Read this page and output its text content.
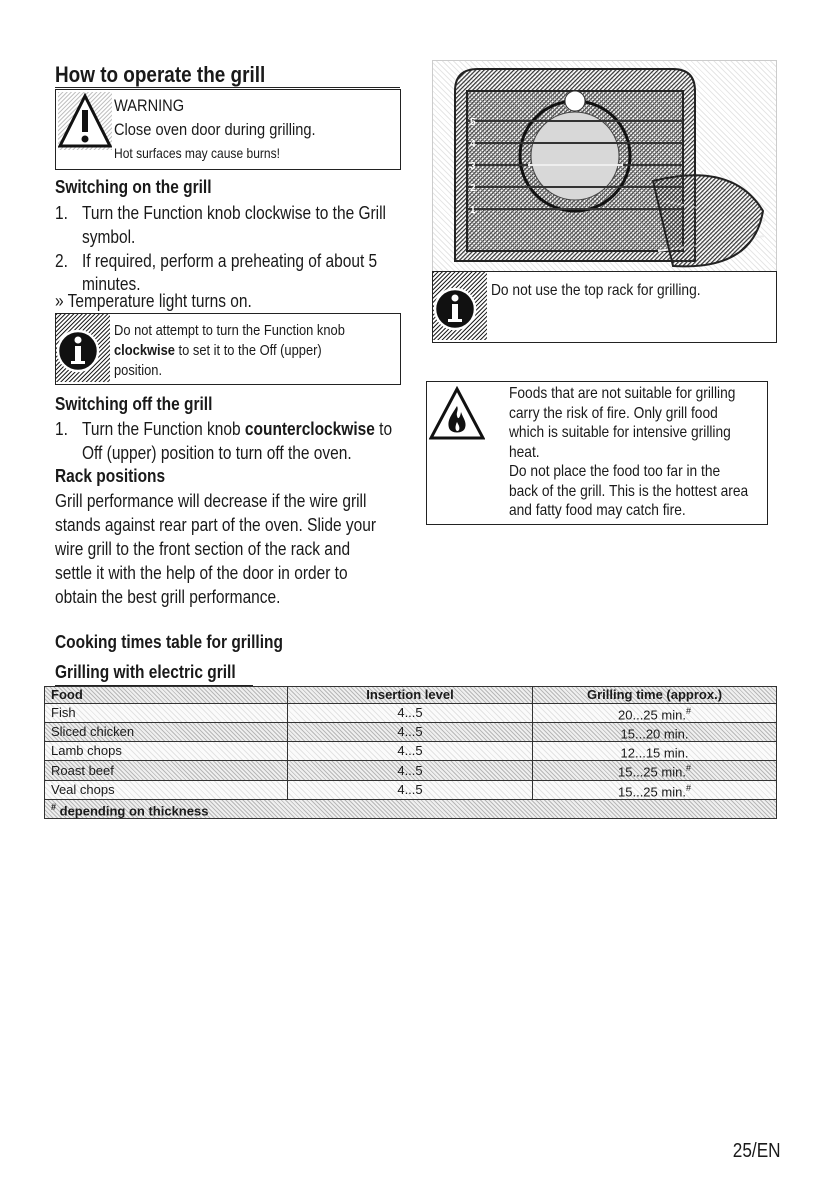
How to operate the grill
WARNING
Close oven door during grilling.
Hot surfaces may cause burns!
Switching on the grill
1. Turn the Function knob clockwise to the Grill
symbol.
2. If required, perform a preheating of about 5
minutes.
» Temperature light turns on.
Do not attempt to turn the Function knob
clockwise to set it to the Off (upper)
position.
Switching off the grill
1. Turn the Function knob counterclockwise to
Off (upper) position to turn off the oven.
Rack positions
Grill performance will decrease if the wire grill
stands against rear part of the oven. Slide your
wire grill to the front section of the rack and
settle it with the help of the door in order to
obtain the best grill performance.
5
4
3
2
1
Do not use the top rack for grilling.
Foods that are not suitable for grilling
carry the risk of fire. Only grill food
which is suitable for intensive grilling
heat.
Do not place the food too far in the
back of the grill. This is the hottest area
and fatty food may catch fire.
Cooking times table for grilling
Grilling with electric grill
Food	Insertion level	Grilling time (approx.)
Fish	4...5	20...25 min.#
Sliced chicken	4...5	15...20 min.
Lamb chops	4...5	12...15 min.
Roast beef	4...5	15...25 min.#
Veal chops	4...5	15...25 min.#
# depending on thickness		
25/EN
